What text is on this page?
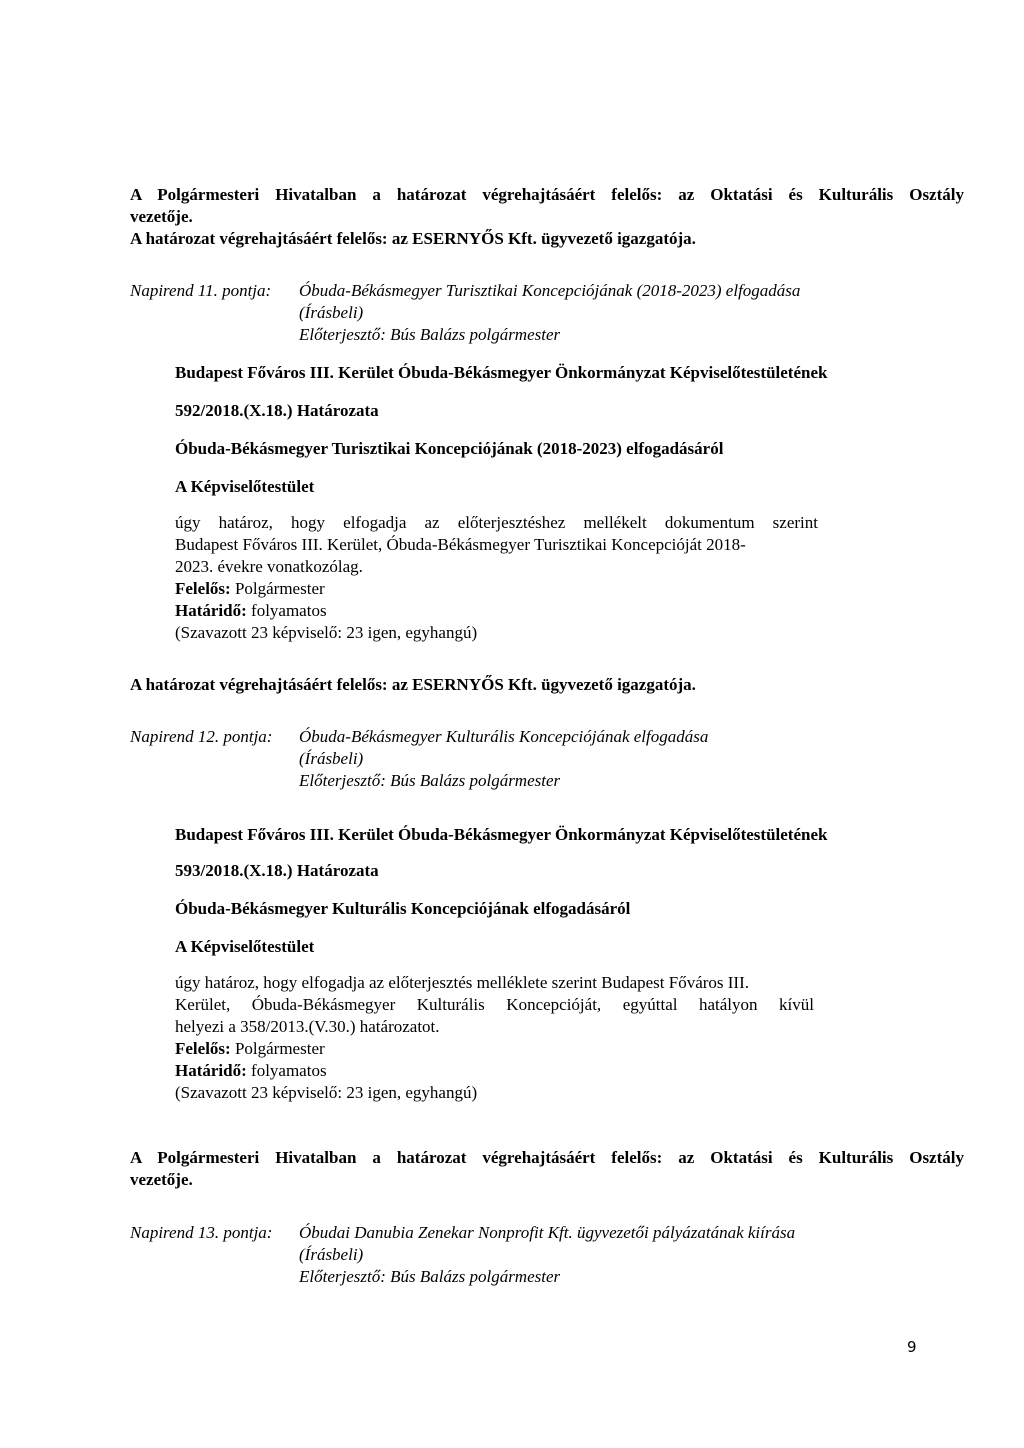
A Polgármesteri Hivatalban a határozat végrehajtásáért felelős: az Oktatási és Kulturális Osztály
vezetője.
A határozat végrehajtásáért felelős: az ESERNYŐS Kft. ügyvezető igazgatója.
Napirend 11. pontja: Óbuda-Békásmegyer Turisztikai Koncepciójának (2018-2023) elfogadása
(Írásbeli)
Előterjesztő: Bús Balázs polgármester
Budapest Főváros III. Kerület Óbuda-Békásmegyer Önkormányzat Képviselőtestületének
592/2018.(X.18.) Határozata
Óbuda-Békásmegyer Turisztikai Koncepciójának (2018-2023) elfogadásáról
A Képviselőtestület
úgy határoz, hogy elfogadja az előterjesztéshez mellékelt dokumentum szerint
Budapest Főváros III. Kerület, Óbuda-Békásmegyer Turisztikai Koncepcióját 2018-
2023. évekre vonatkozólag.
Felelős: Polgármester
Határidő: folyamatos
(Szavazott 23 képviselő: 23 igen, egyhangú)
A határozat végrehajtásáért felelős: az ESERNYŐS Kft. ügyvezető igazgatója.
Napirend 12. pontja: Óbuda-Békásmegyer Kulturális Koncepciójának elfogadása
(Írásbeli)
Előterjesztő: Bús Balázs polgármester
Budapest Főváros III. Kerület Óbuda-Békásmegyer Önkormányzat Képviselőtestületének
593/2018.(X.18.) Határozata
Óbuda-Békásmegyer Kulturális Koncepciójának elfogadásáról
A Képviselőtestület
úgy határoz, hogy elfogadja az előterjesztés melléklete szerint Budapest Főváros III.
Kerület, Óbuda-Békásmegyer Kulturális Koncepcióját, egyúttal hatályon kívül
helyezi a 358/2013.(V.30.) határozatot.
Felelős: Polgármester
Határidő: folyamatos
(Szavazott 23 képviselő: 23 igen, egyhangú)
A Polgármesteri Hivatalban a határozat végrehajtásáért felelős: az Oktatási és Kulturális Osztály
vezetője.
Napirend 13. pontja: Óbudai Danubia Zenekar Nonprofit Kft. ügyvezetői pályázatának kiírása
(Írásbeli)
Előterjesztő: Bús Balázs polgármester
9
